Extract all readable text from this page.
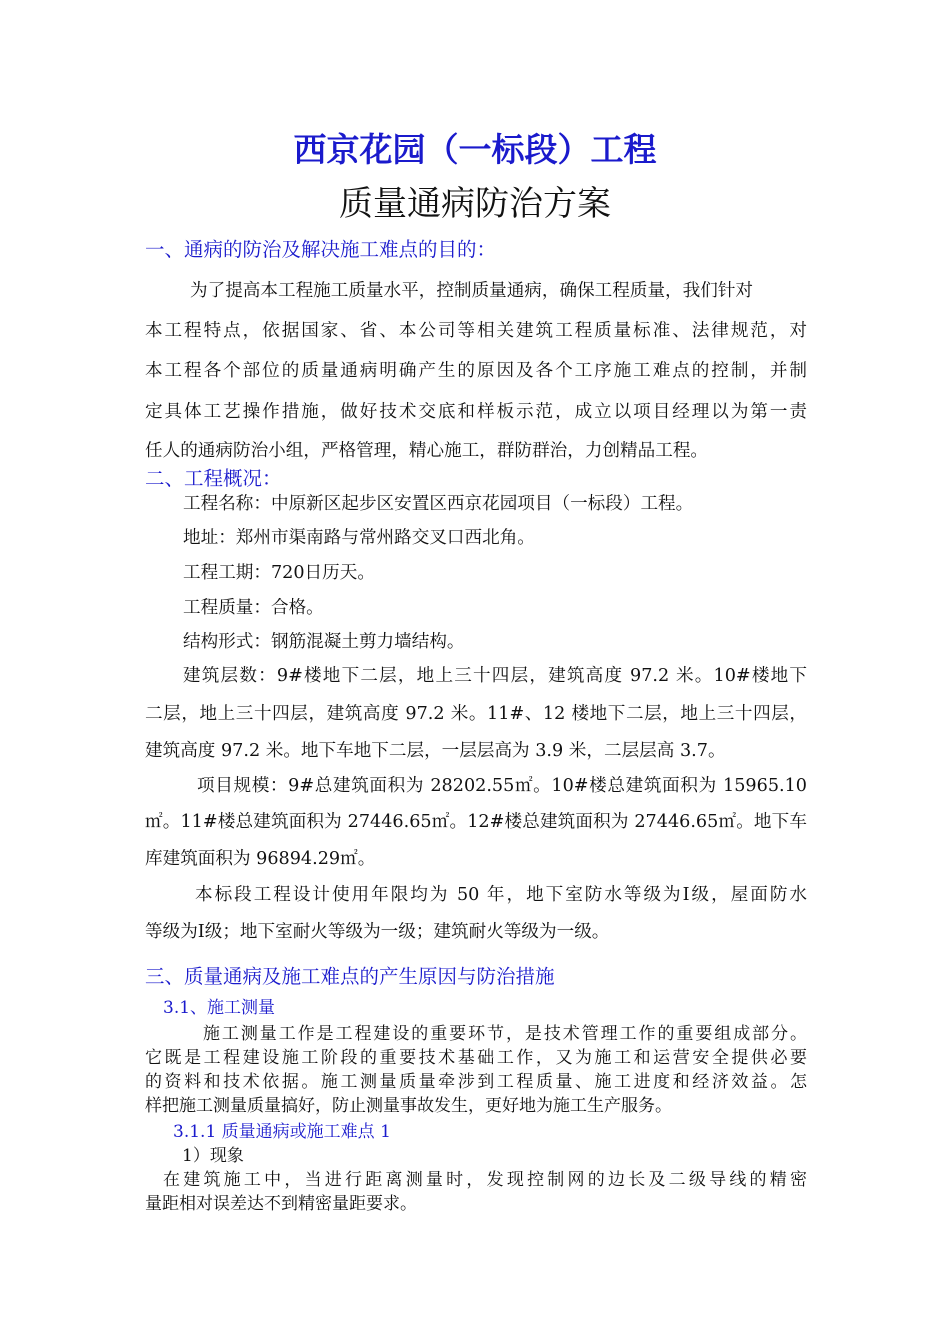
西京花园（一标段）工程
质量通病防治方案
一、通病的防治及解决施工难点的目的：
为了提高本工程施工质量水平，控制质量通病，确保工程质量，我们针对
本工程特点，依据国家、省、本公司等相关建筑工程质量标准、法律规范，对
本工程各个部位的质量通病明确产生的原因及各个工序施工难点的控制，并制
定具体工艺操作措施，做好技术交底和样板示范，成立以项目经理以为第一责
任人的通病防治小组，严格管理，精心施工，群防群治，力创精品工程。
二、工程概况：
工程名称：中原新区起步区安置区西京花园项目（一标段）工程。
地址：郑州市渠南路与常州路交叉口西北角。
工程工期：720日历天。
工程质量：合格。
结构形式：钢筋混凝土剪力墙结构。
建筑层数：9#楼地下二层，地上三十四层，建筑高度 97.2 米。10#楼地下
二层，地上三十四层，建筑高度 97.2 米。11#、12 楼地下二层，地上三十四层，
建筑高度 97.2 米。地下车地下二层，一层层高为 3.9 米，二层层高 3.7。
项目规模：9#总建筑面积为 28202.55㎡。10#楼总建筑面积为 15965.10
㎡。11#楼总建筑面积为 27446.65㎡。12#楼总建筑面积为 27446.65㎡。地下车
库建筑面积为 96894.29㎡。
本标段工程设计使用年限均为 50 年，地下室防水等级为Ⅰ级，屋面防水
等级为Ⅰ级；地下室耐火等级为一级；建筑耐火等级为一级。
三、质量通病及施工难点的产生原因与防治措施
3.1、施工测量
施工测量工作是工程建设的重要环节，是技术管理工作的重要组成部分。
它既是工程建设施工阶段的重要技术基础工作，又为施工和运营安全提供必要
的资料和技术依据。施工测量质量牵涉到工程质量、施工进度和经济效益。怎
样把施工测量质量搞好，防止测量事故发生，更好地为施工生产服务。
3.1.1 质量通病或施工难点 1
1）现象
在建筑施工中，当进行距离测量时，发现控制网的边长及二级导线的精密
量距相对误差达不到精密量距要求。
